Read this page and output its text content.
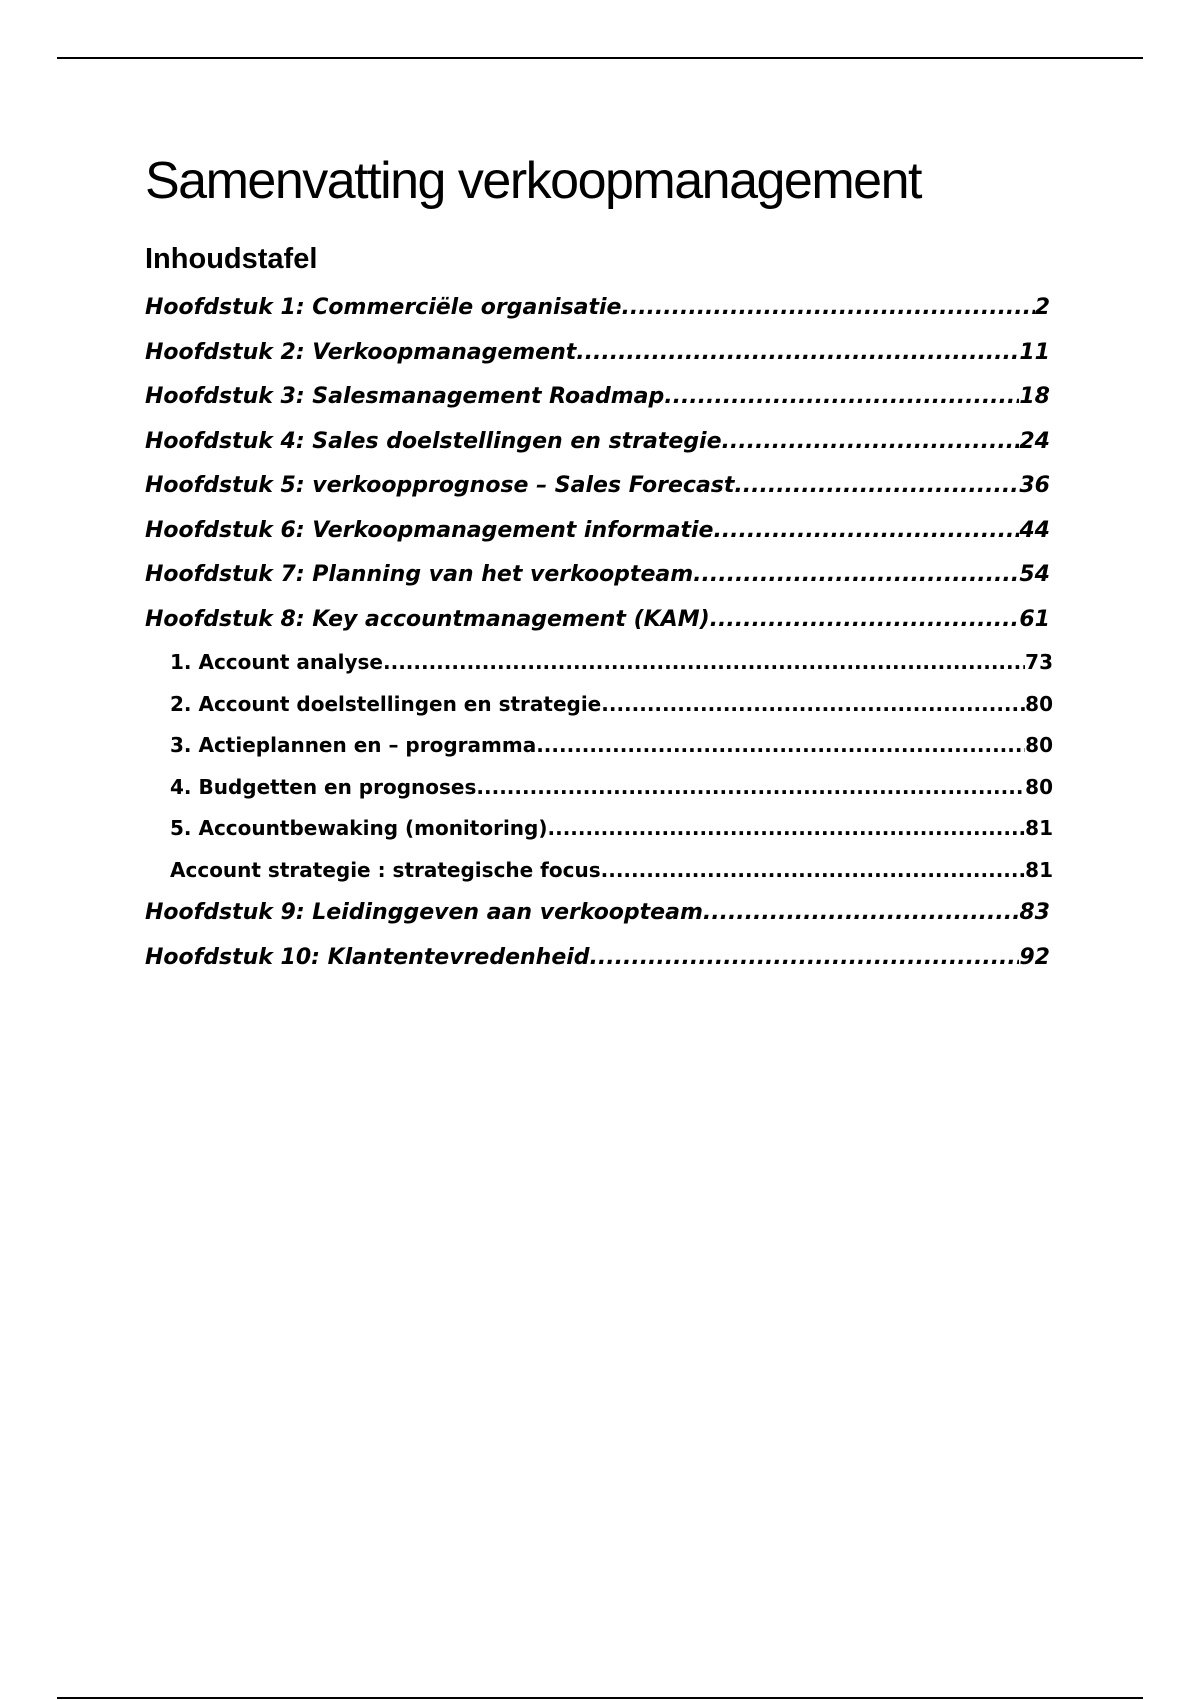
Samenvatting verkoopmanagement
Inhoudstafel
Hoofdstuk 1: Commerciële organisatie .....	2
Hoofdstuk 2: Verkoopmanagement .....	11
Hoofdstuk 3: Salesmanagement Roadmap .....	18
Hoofdstuk 4: Sales doelstellingen en strategie .....	24
Hoofdstuk 5: verkoopprognose – Sales Forecast .....	36
Hoofdstuk 6: Verkoopmanagement informatie .....	44
Hoofdstuk 7: Planning van het verkoopteam .....	54
Hoofdstuk 8: Key accountmanagement (KAM) .....	61
1. Account analyse .....	73
2. Account doelstellingen en strategie .....	80
3. Actieplannen en – programma .....	80
4. Budgetten en prognoses .....	80
5. Accountbewaking (monitoring) .....	81
Account strategie : strategische focus .....	81
Hoofdstuk 9: Leidinggeven aan verkoopteam .....	83
Hoofdstuk 10: Klantentevredenheid .....	92
